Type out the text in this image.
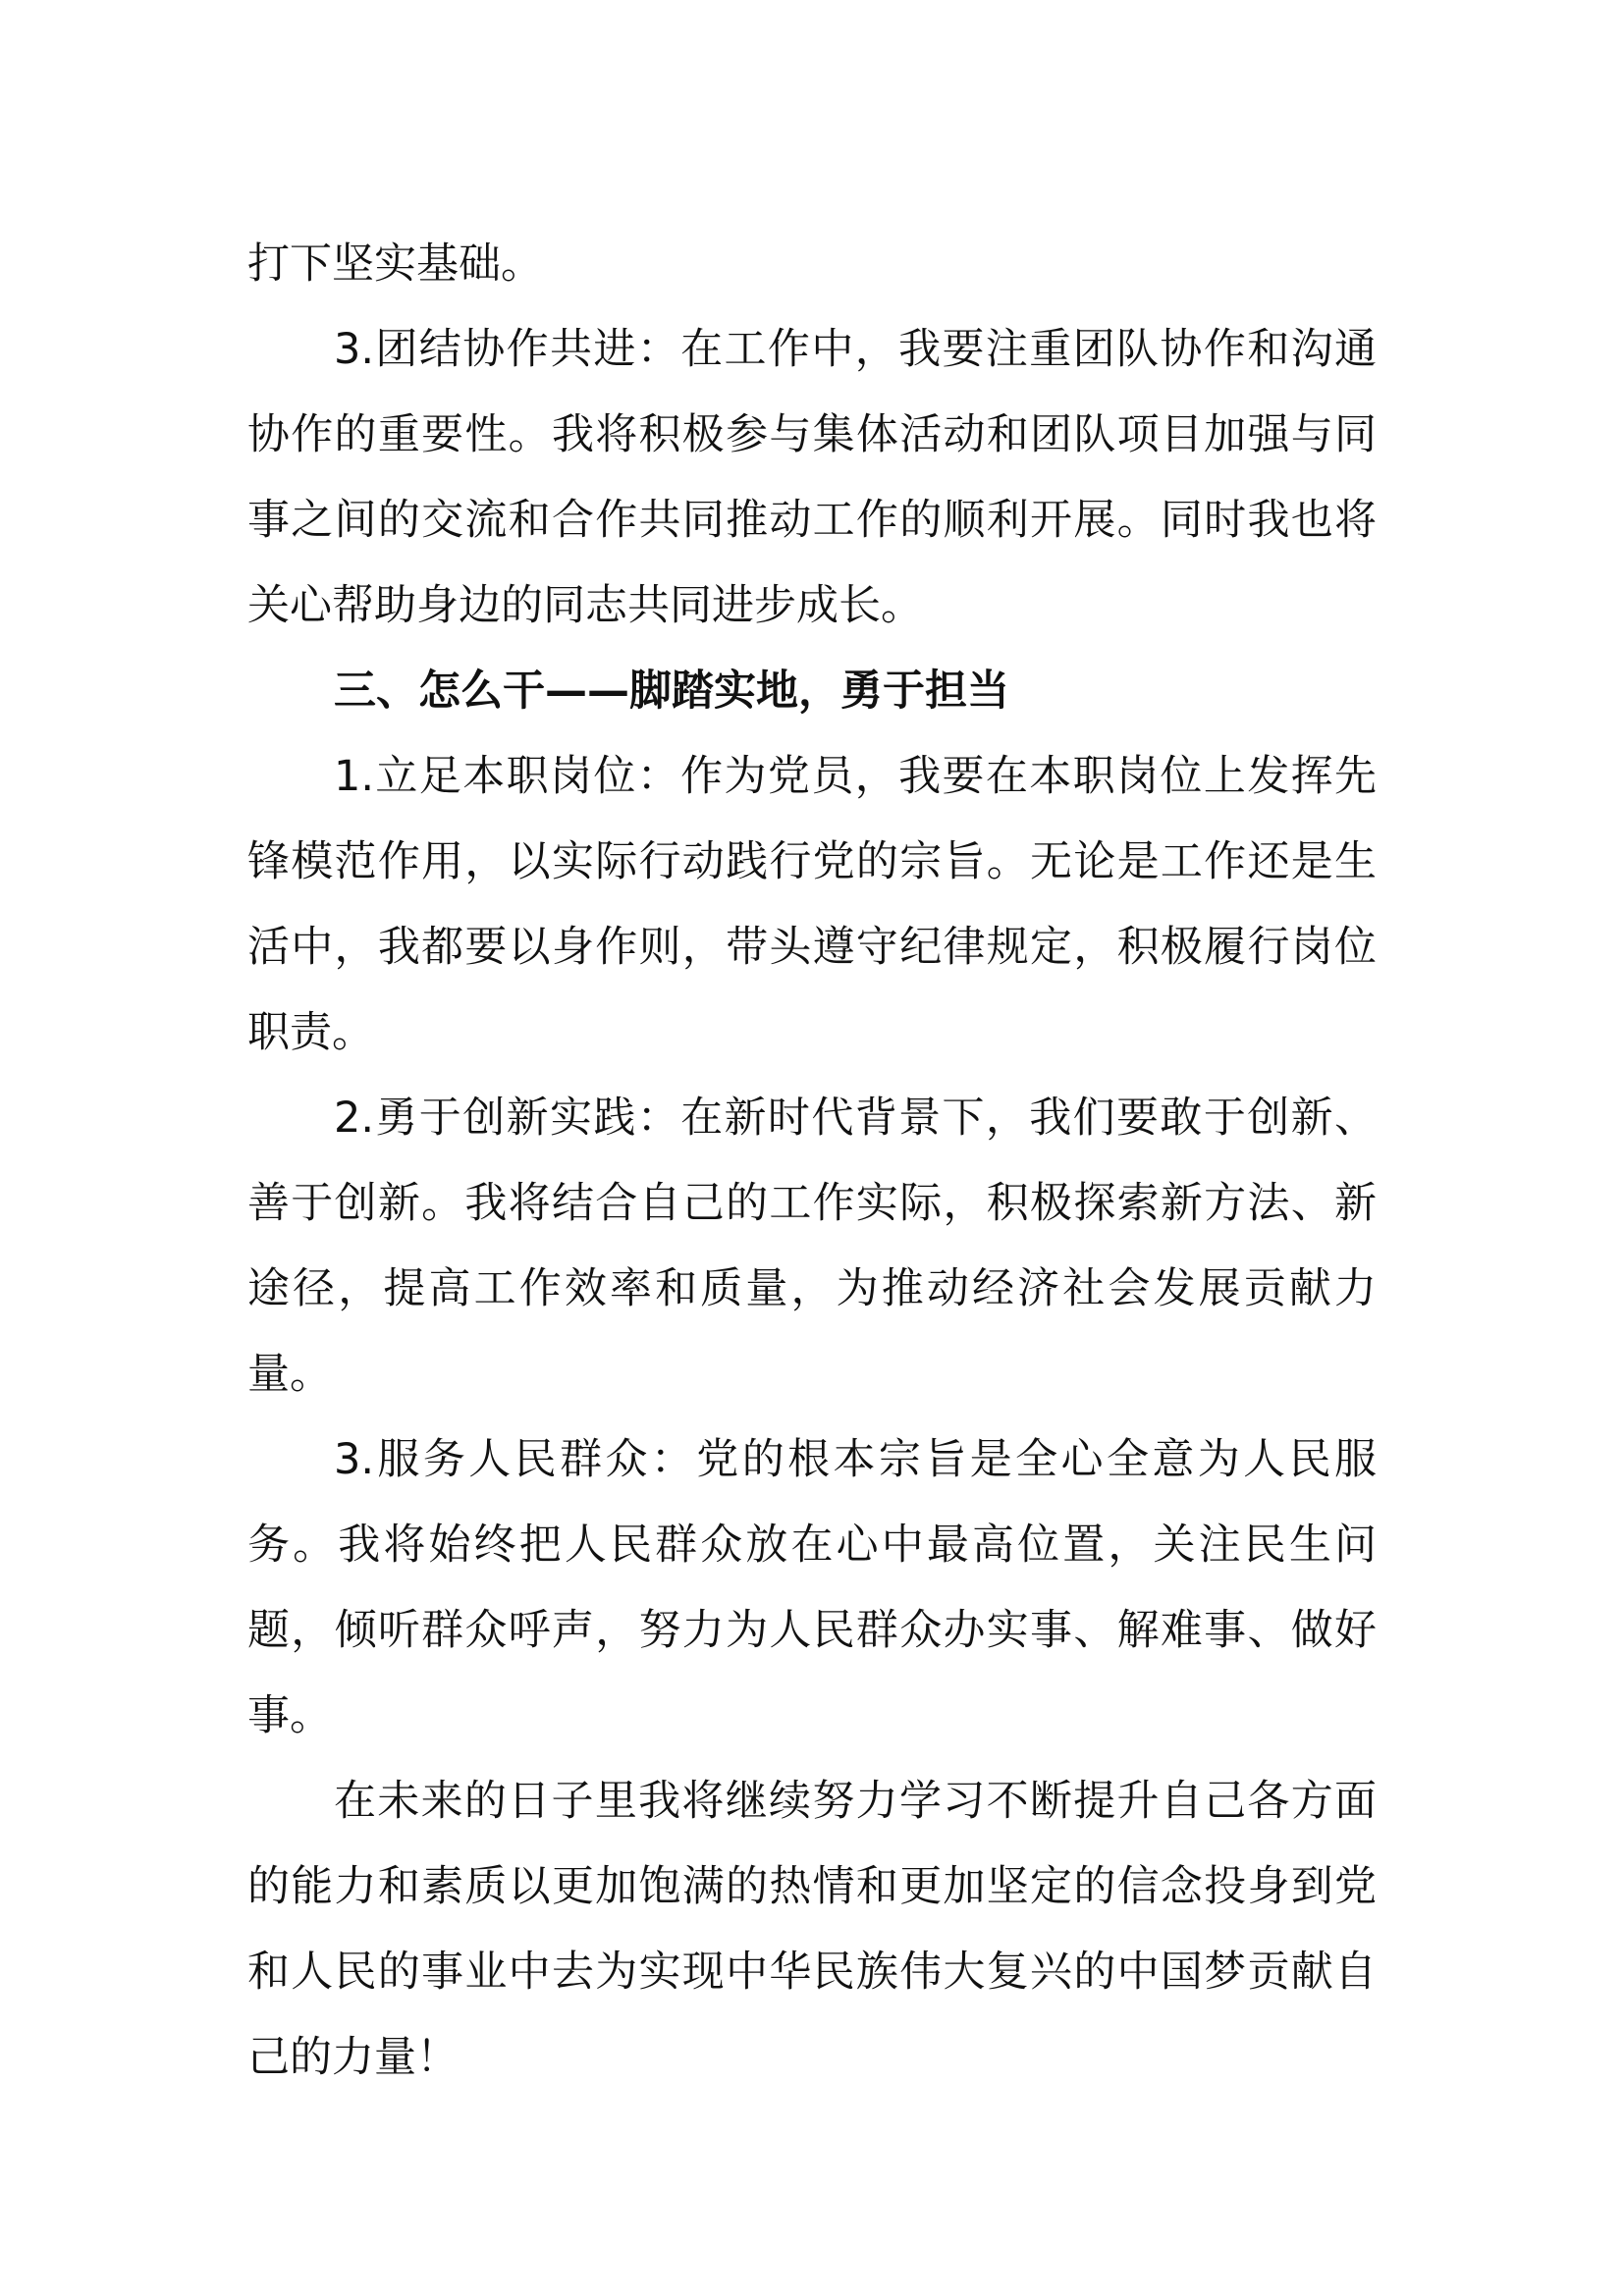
打下坚实基础。

3.团结协作共进：在工作中，我要注重团队协作和沟通协作的重要性。我将积极参与集体活动和团队项目加强与同事之间的交流和合作共同推动工作的顺利开展。同时我也将关心帮助身边的同志共同进步成长。

三、怎么干——脚踏实地，勇于担当

1.立足本职岗位：作为党员，我要在本职岗位上发挥先锋模范作用，以实际行动践行党的宗旨。无论是工作还是生活中，我都要以身作则，带头遵守纪律规定，积极履行岗位职责。

2.勇于创新实践：在新时代背景下，我们要敢于创新、善于创新。我将结合自己的工作实际，积极探索新方法、新途径，提高工作效率和质量，为推动经济社会发展贡献力量。

3.服务人民群众：党的根本宗旨是全心全意为人民服务。我将始终把人民群众放在心中最高位置，关注民生问题，倾听群众呼声，努力为人民群众办实事、解难事、做好事。

在未来的日子里我将继续努力学习不断提升自己各方面的能力和素质以更加饱满的热情和更加坚定的信念投身到党和人民的事业中去为实现中华民族伟大复兴的中国梦贡献自己的力量！
